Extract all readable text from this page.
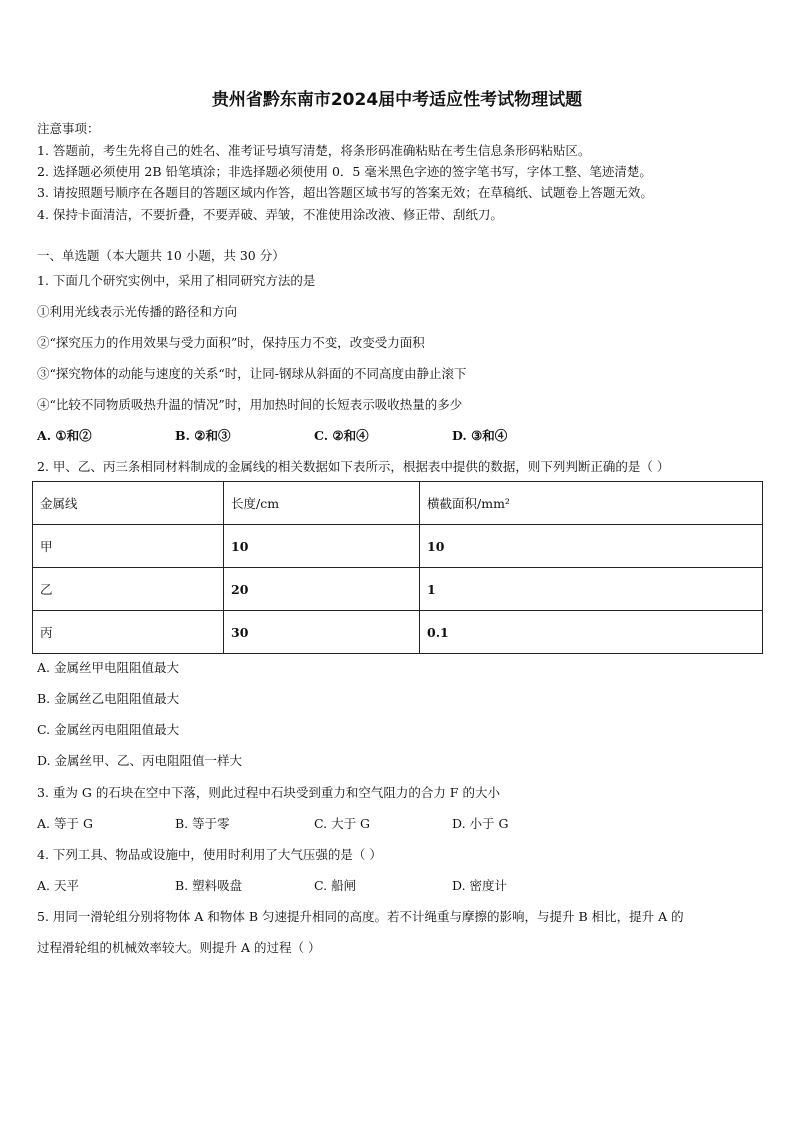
贵州省黔东南市2024届中考适应性考试物理试题
注意事项：
1. 答题前，考生先将自己的姓名、准考证号填写清楚，将条形码准确粘贴在考生信息条形码粘贴区。
2. 选择题必须使用 2B 铅笔填涂；非选择题必须使用 0．5 毫米黑色字迹的签字笔书写，字体工整、笔迹清楚。
3. 请按照题号顺序在各题目的答题区域内作答，超出答题区域书写的答案无效；在草稿纸、试题卷上答题无效。
4. 保持卡面清洁，不要折叠，不要弄破、弄皱，不准使用涂改液、修正带、刮纸刀。
一、单选题（本大题共 10 小题，共 30 分）
1. 下面几个研究实例中，采用了相同研究方法的是
①利用光线表示光传播的路径和方向
②“探究压力的作用效果与受力面积”时，保持压力不变，改变受力面积
③“探究物体的动能与速度的关系“时，让同-钢球从斜面的不同高度由静止滚下
④“比较不同物质吸热升温的情况”时，用加热时间的长短表示吸收热量的多少
A. ①和②	B. ②和③	C. ②和④	D. ③和④
2. 甲、乙、丙三条相同材料制成的金属线的相关数据如下表所示，根据表中提供的数据，则下列判断正确的是（ ）
金属线	长度/cm	横截面积/mm²
甲	10	10
乙	20	1
丙	30	0.1
A. 金属丝甲电阻阻值最大
B. 金属丝乙电阻阻值最大
C. 金属丝丙电阻阻值最大
D. 金属丝甲、乙、丙电阻阻值一样大
3. 重为 G 的石块在空中下落，则此过程中石块受到重力和空气阻力的合力 F 的大小
A. 等于 G	B. 等于零	C. 大于 G	D. 小于 G
4. 下列工具、物品或设施中，使用时利用了大气压强的是（ ）
A. 天平	B. 塑料吸盘	C. 船闸	D. 密度计
5. 用同一滑轮组分别将物体 A 和物体 B 匀速提升相同的高度。若不计绳重与摩擦的影响，与提升 B 相比，提升 A 的
过程滑轮组的机械效率较大。则提升 A 的过程（ ）
